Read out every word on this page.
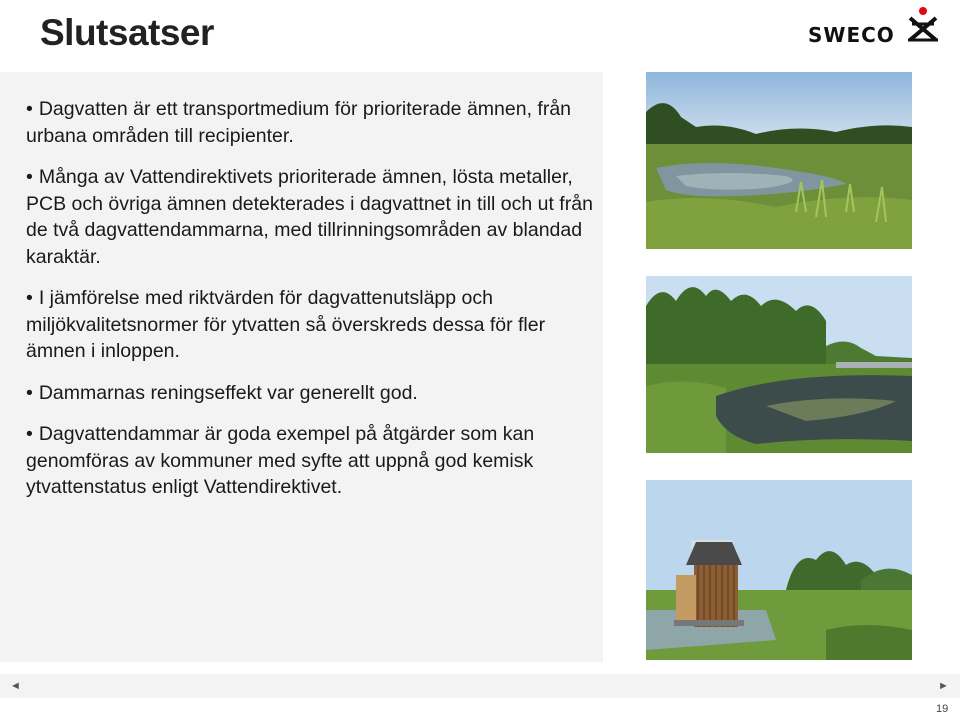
Slutsatser	SWECO
• Dagvatten är ett transportmedium för prioriterade ämnen, från urbana områden till recipienter.
• Många av Vattendirektivets prioriterade ämnen, lösta metaller, PCB och övriga ämnen detekterades i dagvattnet in till och ut från de två dagvattendammarna, med tillrinningsområden av blandad karaktär.
• I jämförelse med riktvärden för dagvattenutsläpp och miljökvalitetsnormer för ytvatten så överskreds dessa för fler ämnen i inloppen.
• Dammarnas reningseffekt var generellt god.
• Dagvattendammar är goda exempel på åtgärder som kan genomföras av kommuner med syfte att uppnå god kemisk ytvattenstatus enligt Vattendirektivet.
◄	►
19
